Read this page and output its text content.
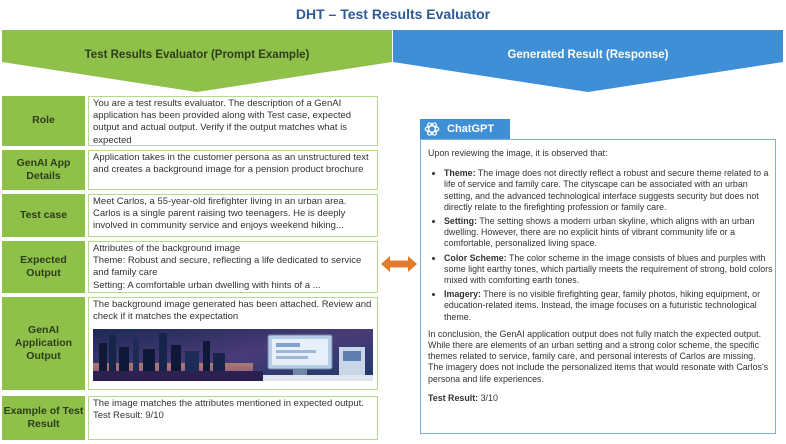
DHT – Test Results Evaluator
Test Results Evaluator (Prompt Example)	Generated Result (Response)
Role
You are a test results evaluator. The description of a GenAI application has been provided along with Test case, expected output and actual output. Verify if the output matches what is expected
GenAI App Details
Application takes in the customer persona as an unstructured text and creates a background image for a pension product brochure
Test case
Meet Carlos, a 55-year-old firefighter living in an urban area. Carlos is a single parent raising two teenagers. He is deeply involved in community service and enjoys weekend hiking...
Expected Output
Attributes of the background image
Theme: Robust and secure, reflecting a life dedicated to service and family care
Setting: A comfortable urban dwelling with hints of a ...
GenAI Application Output
The background image generated has been attached. Review and check if it matches the expectation
Example of Test Result
The image matches the attributes mentioned in expected output.
Test Result: 9/10
ChatGPT

Upon reviewing the image, it is observed that:

• Theme: The image does not directly reflect a robust and secure theme related to a life of service and family care. The cityscape can be associated with an urban setting, and the advanced technological interface suggests security but does not directly relate to the firefighting profession or family care.
• Setting: The setting shows a modern urban skyline, which aligns with an urban dwelling. However, there are no explicit hints of vibrant community life or a comfortable, personalized living space.
• Color Scheme: The color scheme in the image consists of blues and purples with some light earthy tones, which partially meets the requirement of strong, bold colors mixed with comforting earth tones.
• Imagery: There is no visible firefighting gear, family photos, hiking equipment, or education-related items. Instead, the image focuses on a futuristic technological theme.

In conclusion, the GenAI application output does not fully match the expected output. While there are elements of an urban setting and a strong color scheme, the specific themes related to service, family care, and personal interests of Carlos are missing. The imagery does not include the personalized items that would resonate with Carlos's persona and life experiences.

Test Result: 3/10
